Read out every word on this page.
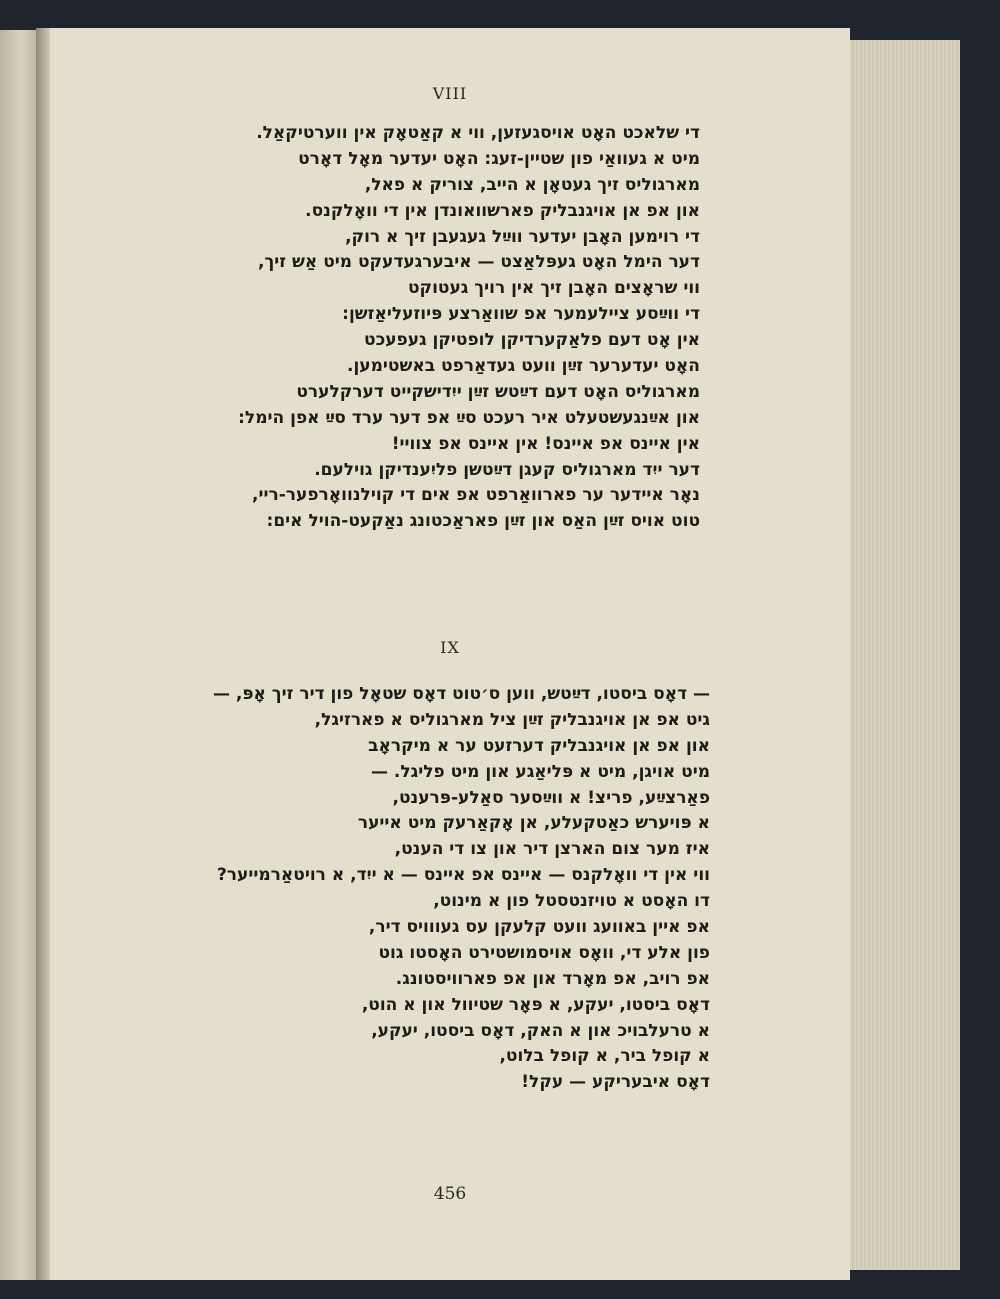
VIII
די שלאכט האָט אויסגעזען, ווי א קאַטאָק אין ווערטיקאַל.
מיט א געוואַי פון שטיין-זעג: האָט יעדער מאָל דאָרט
מארגוליס זיך געטאָן א הייב, צוריק א פאל,
און אפ אן אויגנבליק פארשוואונדן אין די וואָלקנס.
די רוימען האָבן יעדער ווײַל געגעבן זיך א רוק,
דער הימל האָט געפּלאַצט — איבערגעדעקט מיט אַש זיך,
ווי שראָצים האָבן זיך אין רויך געטוקט
די ווײַסע ציילעמער אפ שוואַרצע פּיוזעליאַזשן:
אין אָט דעם פלאַקערדיקן לופטיקן געפעכט
האָט יעדערער זײַן וועט געדאַרפט באשטימען.
מארגוליס האָט דעם דײַטש זײַן ייִדישקייט דערקלערט
און אײַנגעשטעלט איר רעכט סײַ אפ דער ערד סײַ אפן הימל:
אין איינס אפ איינס! אין איינס אפ צוויי!
דער ייִד מארגוליס קעגן דײַטשן פליִענדיקן גוילעם.
נאָר איידער ער פארוואַרפט אפ אים די קוילנוואָרפער-ריי,
טוט אויס זײַן האַס און זײַן פאראַכטונג נאַקעט-הויל אים:
IX
— דאָס ביסטו, דײַטש, ווען ס׳טוט דאָס שטאָל פון דיר זיך אָפּ, —
גיט אפ אן אויגנבליק זײַן ציל מארגוליס א פארזיגל,
און אפ אן אויגנבליק דערזעט ער א מיקראָב
מיט אויגן, מיט א פּליאַגע און מיט פליגל. —
פאַרצײַע, פריצ! א ווײַסער סאַלע-פּרענט,
א פּויערש כאַטקעלע, אן אָקאַרעק מיט אייער
איז מער צום הארצן דיר און צו די הענט,
ווי אין די וואָלקנס — איינס אפ איינס — א ייִד, א רויטאַרמייער?
דו האָסט א טויזנטסטל פון א מינוט,
אפ איין באוועג וועט קלעקן עס געווויס דיר,
פון אלע די, וואָס אויסמושטירט האָסטו גוט
אפ רויב, אפ מאָרד און אפ פארוויסטונג.
דאָס ביסטו, יעקע, א פּאָר שטיוול און א הוט,
א טרעלבויכ און א האק, דאָס ביסטו, יעקע,
א קופל ביר, א קופל בלוט,
דאָס איבעריקע — עקל!
456
